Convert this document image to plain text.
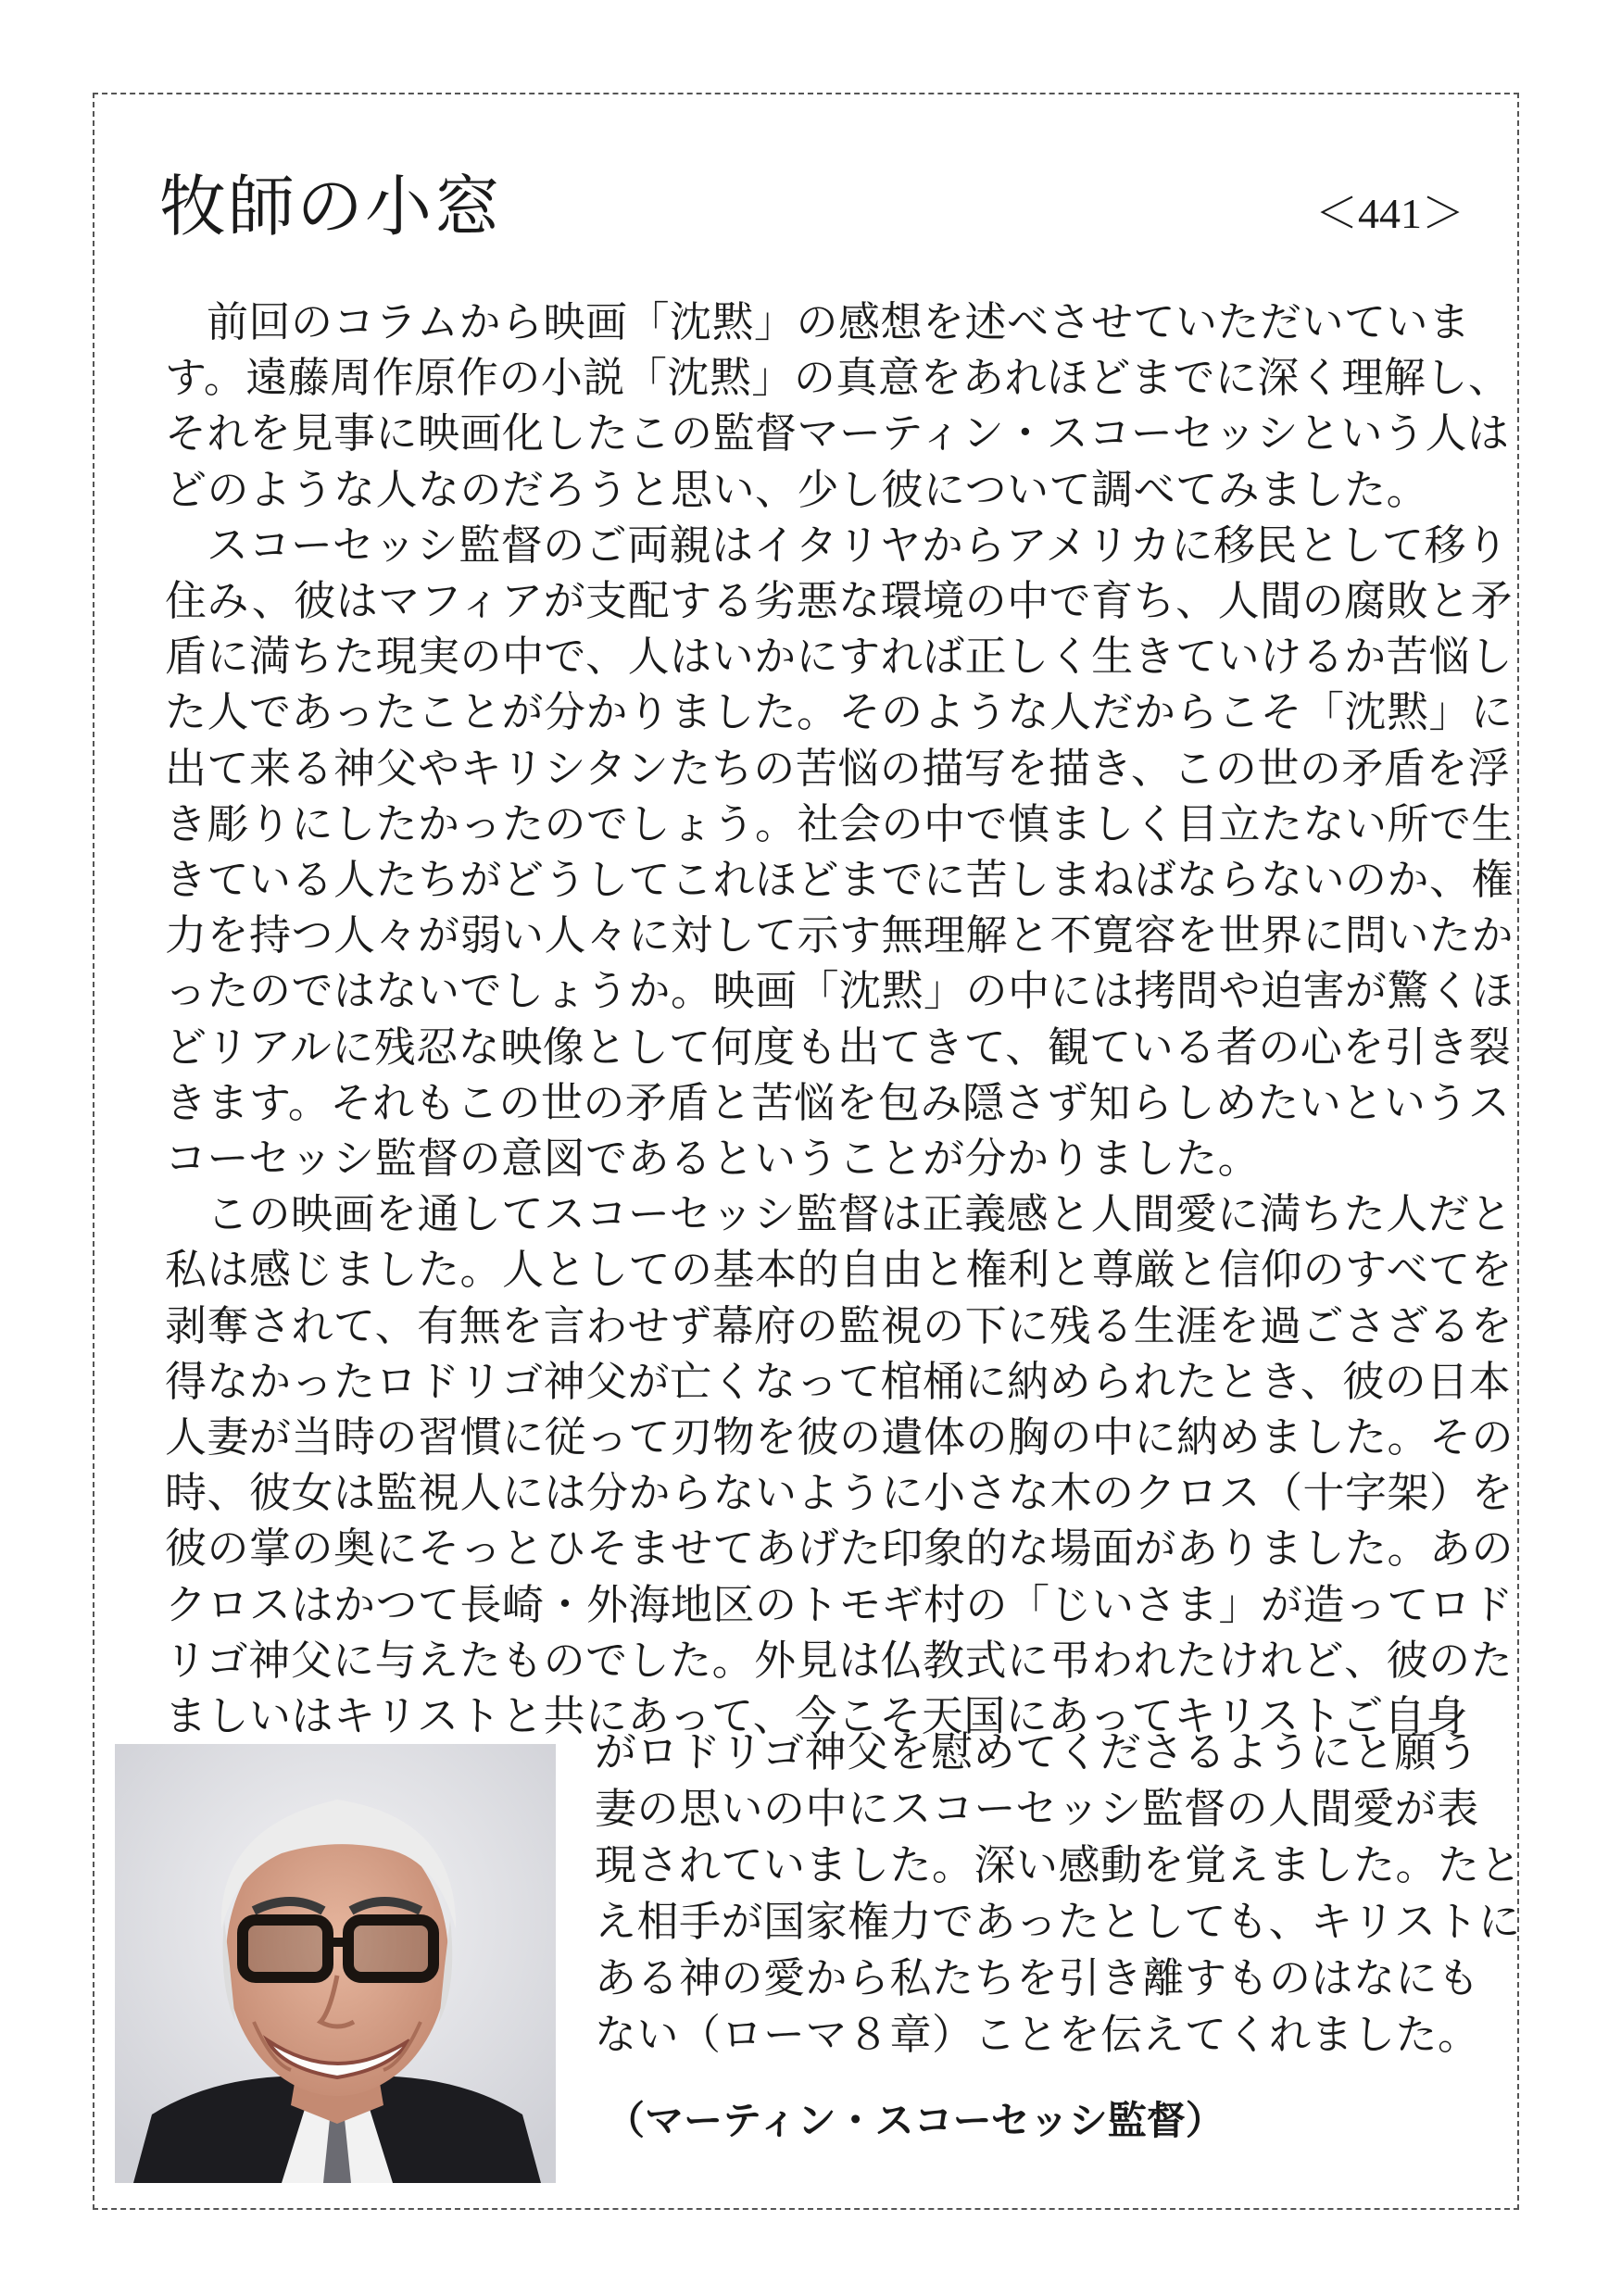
牧師の小窓	＜441＞

前回のコラムから映画「沈黙」の感想を述べさせていただいています。遠藤周作原作の小説「沈黙」の真意をあれほどまでに深く理解し、それを見事に映画化したこの監督マーティン・スコーセッシという人はどのような人なのだろうと思い、少し彼について調べてみました。

スコーセッシ監督のご両親はイタリヤからアメリカに移民として移り住み、彼はマフィアが支配する劣悪な環境の中で育ち、人間の腐敗と矛盾に満ちた現実の中で、人はいかにすれば正しく生きていけるか苦悩した人であったことが分かりました。そのような人だからこそ「沈黙」に出て来る神父やキリシタンたちの苦悩の描写を描き、この世の矛盾を浮き彫りにしたかったのでしょう。社会の中で慎ましく目立たない所で生きている人たちがどうしてこれほどまでに苦しまねばならないのか、権力を持つ人々が弱い人々に対して示す無理解と不寛容を世界に問いたかったのではないでしょうか。映画「沈黙」の中には拷問や迫害が驚くほどリアルに残忍な映像として何度も出てきて、観ている者の心を引き裂きます。それもこの世の矛盾と苦悩を包み隠さず知らしめたいというスコーセッシ監督の意図であるということが分かりました。

この映画を通してスコーセッシ監督は正義感と人間愛に満ちた人だと私は感じました。人としての基本的自由と権利と尊厳と信仰のすべてを剥奪されて、有無を言わせず幕府の監視の下に残る生涯を過ごさざるを得なかったロドリゴ神父が亡くなって棺桶に納められたとき、彼の日本人妻が当時の習慣に従って刃物を彼の遺体の胸の中に納めました。その時、彼女は監視人には分からないように小さな木のクロス（十字架）を彼の掌の奥にそっとひそませてあげた印象的な場面がありました。あのクロスはかつて長崎・外海地区のトモギ村の「じいさま」が造ってロドリゴ神父に与えたものでした。外見は仏教式に弔われたけれど、彼のたましいはキリストと共にあって、今こそ天国にあってキリストご自身

がロドリゴ神父を慰めてくださるようにと願う
妻の思いの中にスコーセッシ監督の人間愛が表
現されていました。深い感動を覚えました。たと
え相手が国家権力であったとしても、キリストに
ある神の愛から私たちを引き離すものはなにも
ない（ローマ８章）ことを伝えてくれました。
（マーティン・スコーセッシ監督）
